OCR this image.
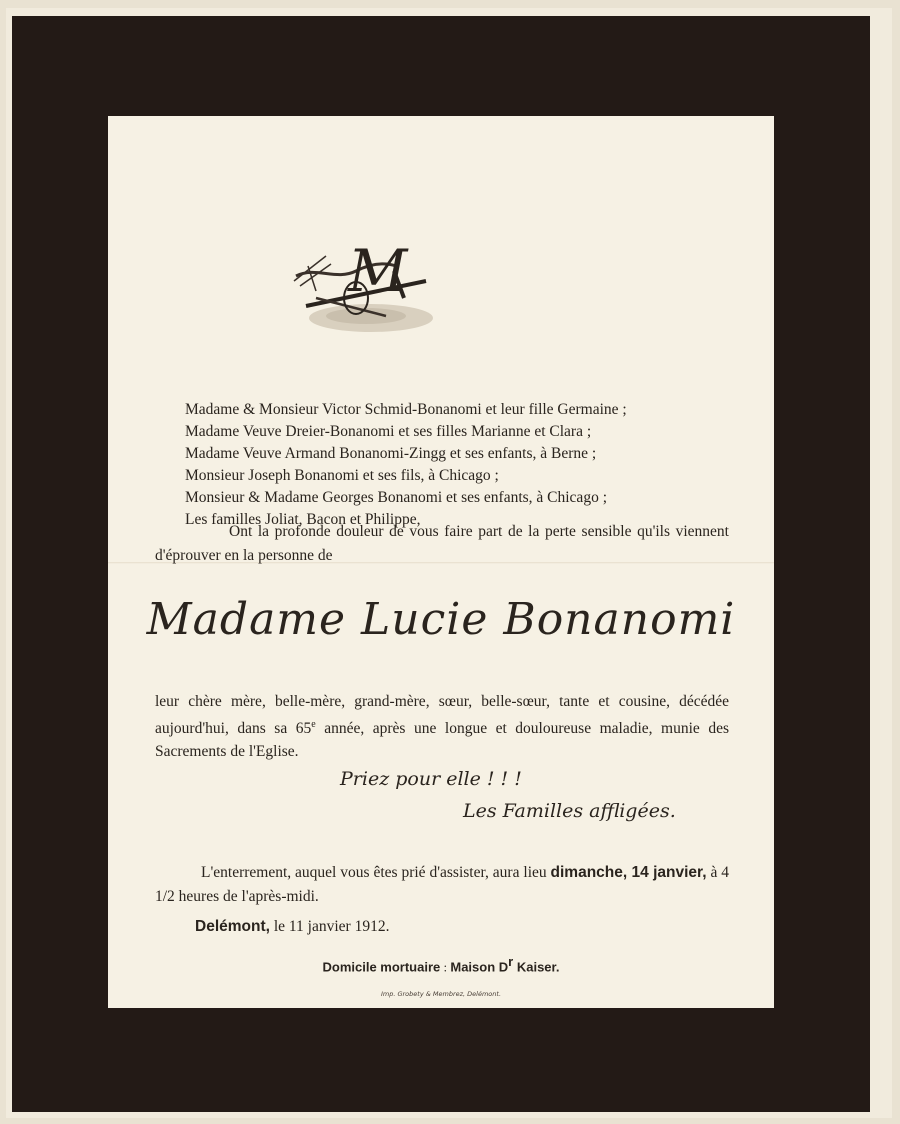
M
Madame & Monsieur Victor Schmid-Bonanomi et leur fille Germaine ;
Madame Veuve Dreier-Bonanomi et ses filles Marianne et Clara ;
Madame Veuve Armand Bonanomi-Zingg et ses enfants, à Berne ;
Monsieur Joseph Bonanomi et ses fils, à Chicago ;
Monsieur & Madame Georges Bonanomi et ses enfants, à Chicago ;
Les familles Joliat, Bacon et Philippe,

Ont la profonde douleur de vous faire part de la perte sensible qu'ils viennent d'éprouver en la personne de

Madame Lucie Bonanomi

leur chère mère, belle-mère, grand-mère, sœur, belle-sœur, tante et cousine, décédée aujourd'hui, dans sa 65e année, après une longue et douloureuse maladie, munie des Sacrements de l'Eglise.

Priez pour elle ! ! !
Les Familles affligées.

L'enterrement, auquel vous êtes prié d'assister, aura lieu dimanche, 14 janvier, à 4 1/2 heures de l'après-midi.

Delémont, le 11 janvier 1912.
Domicile mortuaire : Maison Dr Kaiser.
Imp. Grobety & Membrez, Delémont.
